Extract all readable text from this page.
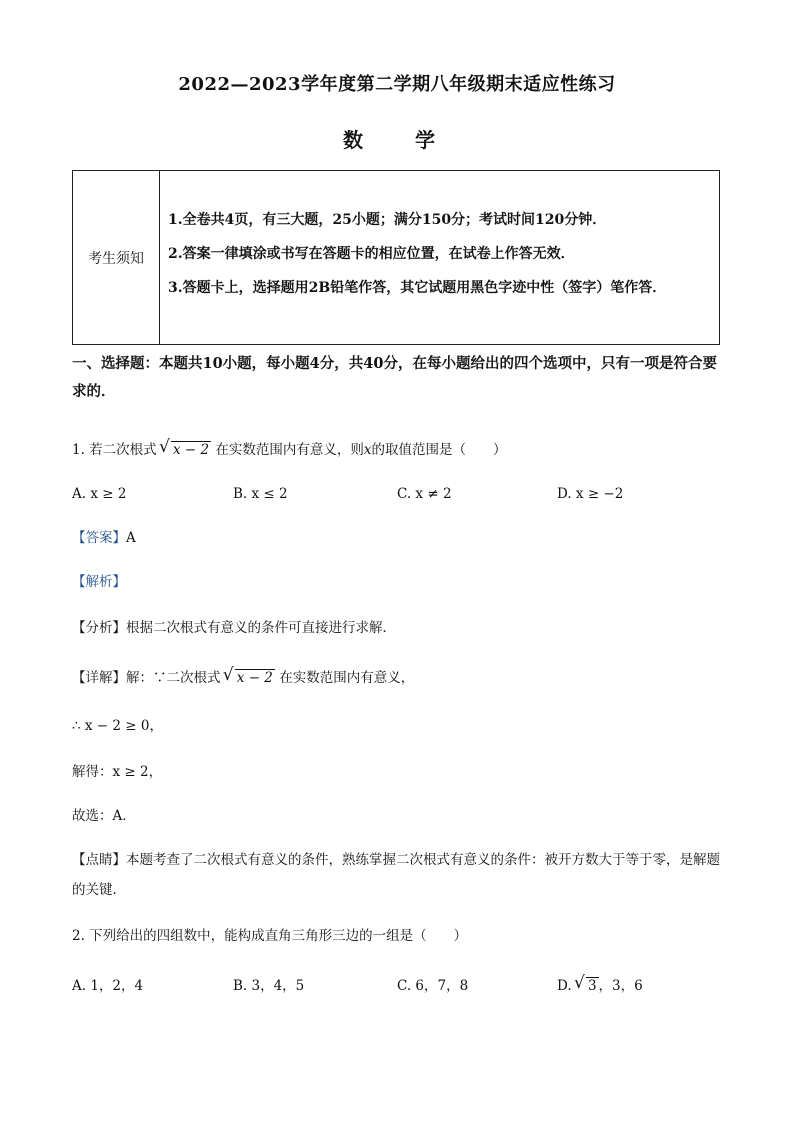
2022—2023学年度第二学期八年级期末适应性练习
数　学
考生须知	

1.全卷共4页，有三大题，25小题；满分150分；考试时间120分钟．

2.答案一律填涂或书写在答题卡的相应位置，在试卷上作答无效．

3.答题卡上，选择题用2B铅笔作答，其它试题用黑色字迹中性（签字）笔作答．

一、选择题：本题共10小题，每小题4分，共40分，在每小题给出的四个选项中，只有一项是符合要求的．
1. 若二次根式 √ x − 2 在实数范围内有意义，则x的取值范围是（　　）
A. x ≥ 2	B. x ≤ 2	C. x ≠ 2	D. x ≥ −2
【答案】A
【解析】
【分析】根据二次根式有意义的条件可直接进行求解．
【详解】解：∵二次根式 √ x − 2 在实数范围内有意义，
∴ x − 2 ≥ 0，
解得：x ≥ 2，
故选：A．
【点睛】本题考查了二次根式有意义的条件，熟练掌握二次根式有意义的条件：被开方数大于等于零，是解题的关键．
2. 下列给出的四组数中，能构成直角三角形三边的一组是（　　）
A. 1，2，4	B. 3，4，5	C. 6，7，8	D. √ 3 ，3，6
